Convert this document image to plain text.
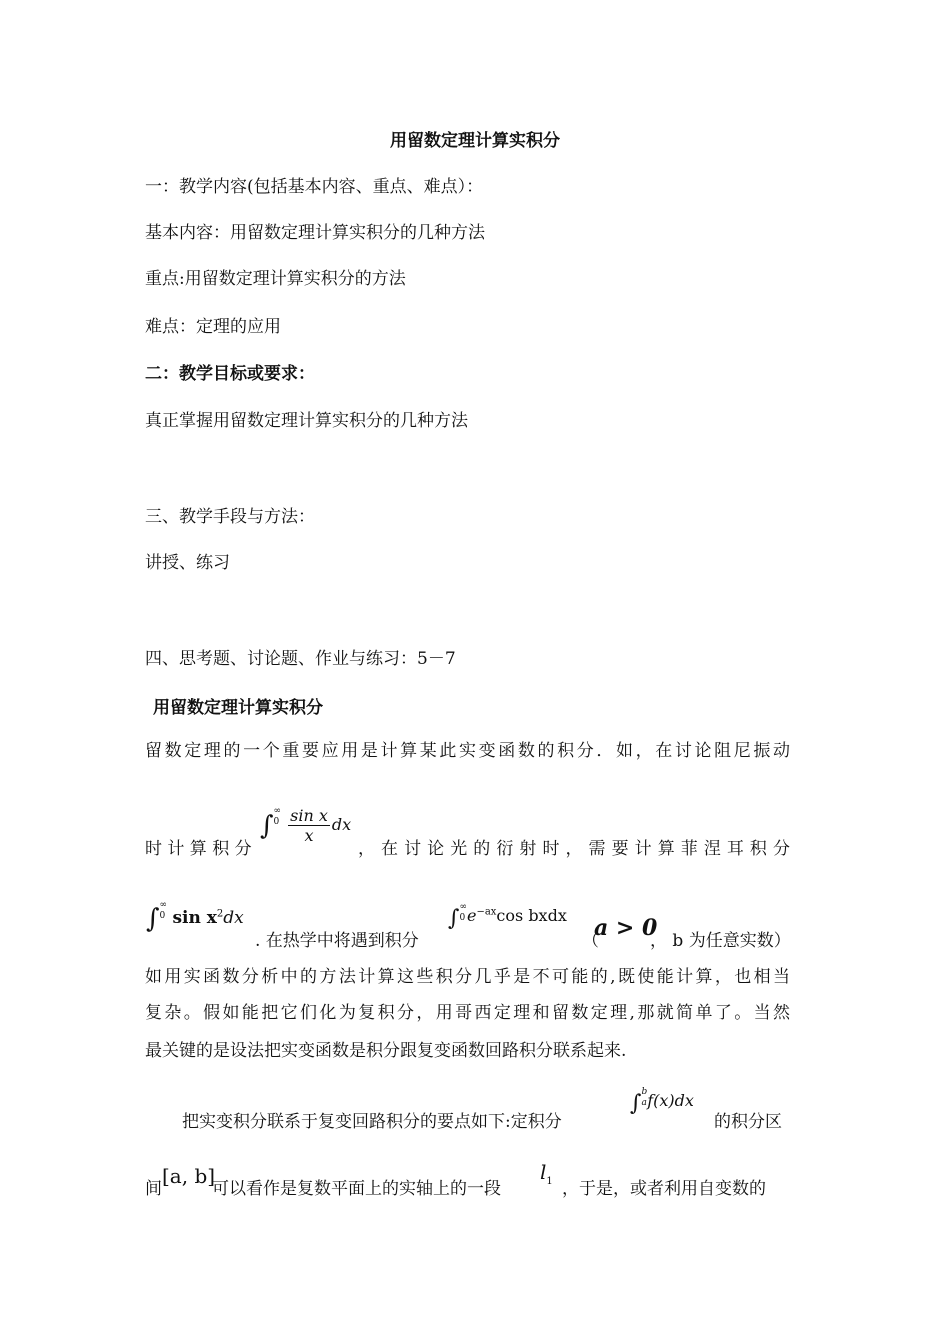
用留数定理计算实积分
一：教学内容(包括基本内容、重点、难点）：
基本内容：用留数定理计算实积分的几种方法
重点:用留数定理计算实积分的方法
难点：定理的应用
二：教学目标或要求：
真正掌握用留数定理计算实积分的几种方法
三、教学手段与方法：
讲授、练习
四、思考题、讨论题、作业与练习：5－7
用留数定理计算实积分
留数定理的一个重要应用是计算某此实变函数的积分．如，在讨论阻尼振动
时 计 算 积 分
∫∞
$0 \frac{\text{sin x}}{x}$ dx
， 在 讨 论 光 的 衍 射 时 ， 需 要 计 算 菲 涅 耳 积 分
∫∞
0 $\sin x^2dx$
. 在热学中将遇到积分
∫∞
0 $e^{-ax}\cos$ bxdx
（
a > 0
， b 为任意实数）
如用实函数分析中的方法计算这些积分几乎是不可能的,既使能计算，也相当
复杂。假如能把它们化为复积分，用哥西定理和留数定理,那就简单了。当然
最关键的是设法把实变函数是积分跟复变函数回路积分联系起来.
把实变积分联系于复变回路积分的要点如下:定积分
∫b
af(x)dx
的积分区
间
[a, b]
可以看作是复数平面上的实轴上的一段
$l_1$ ，于是，或者利用自变数的
